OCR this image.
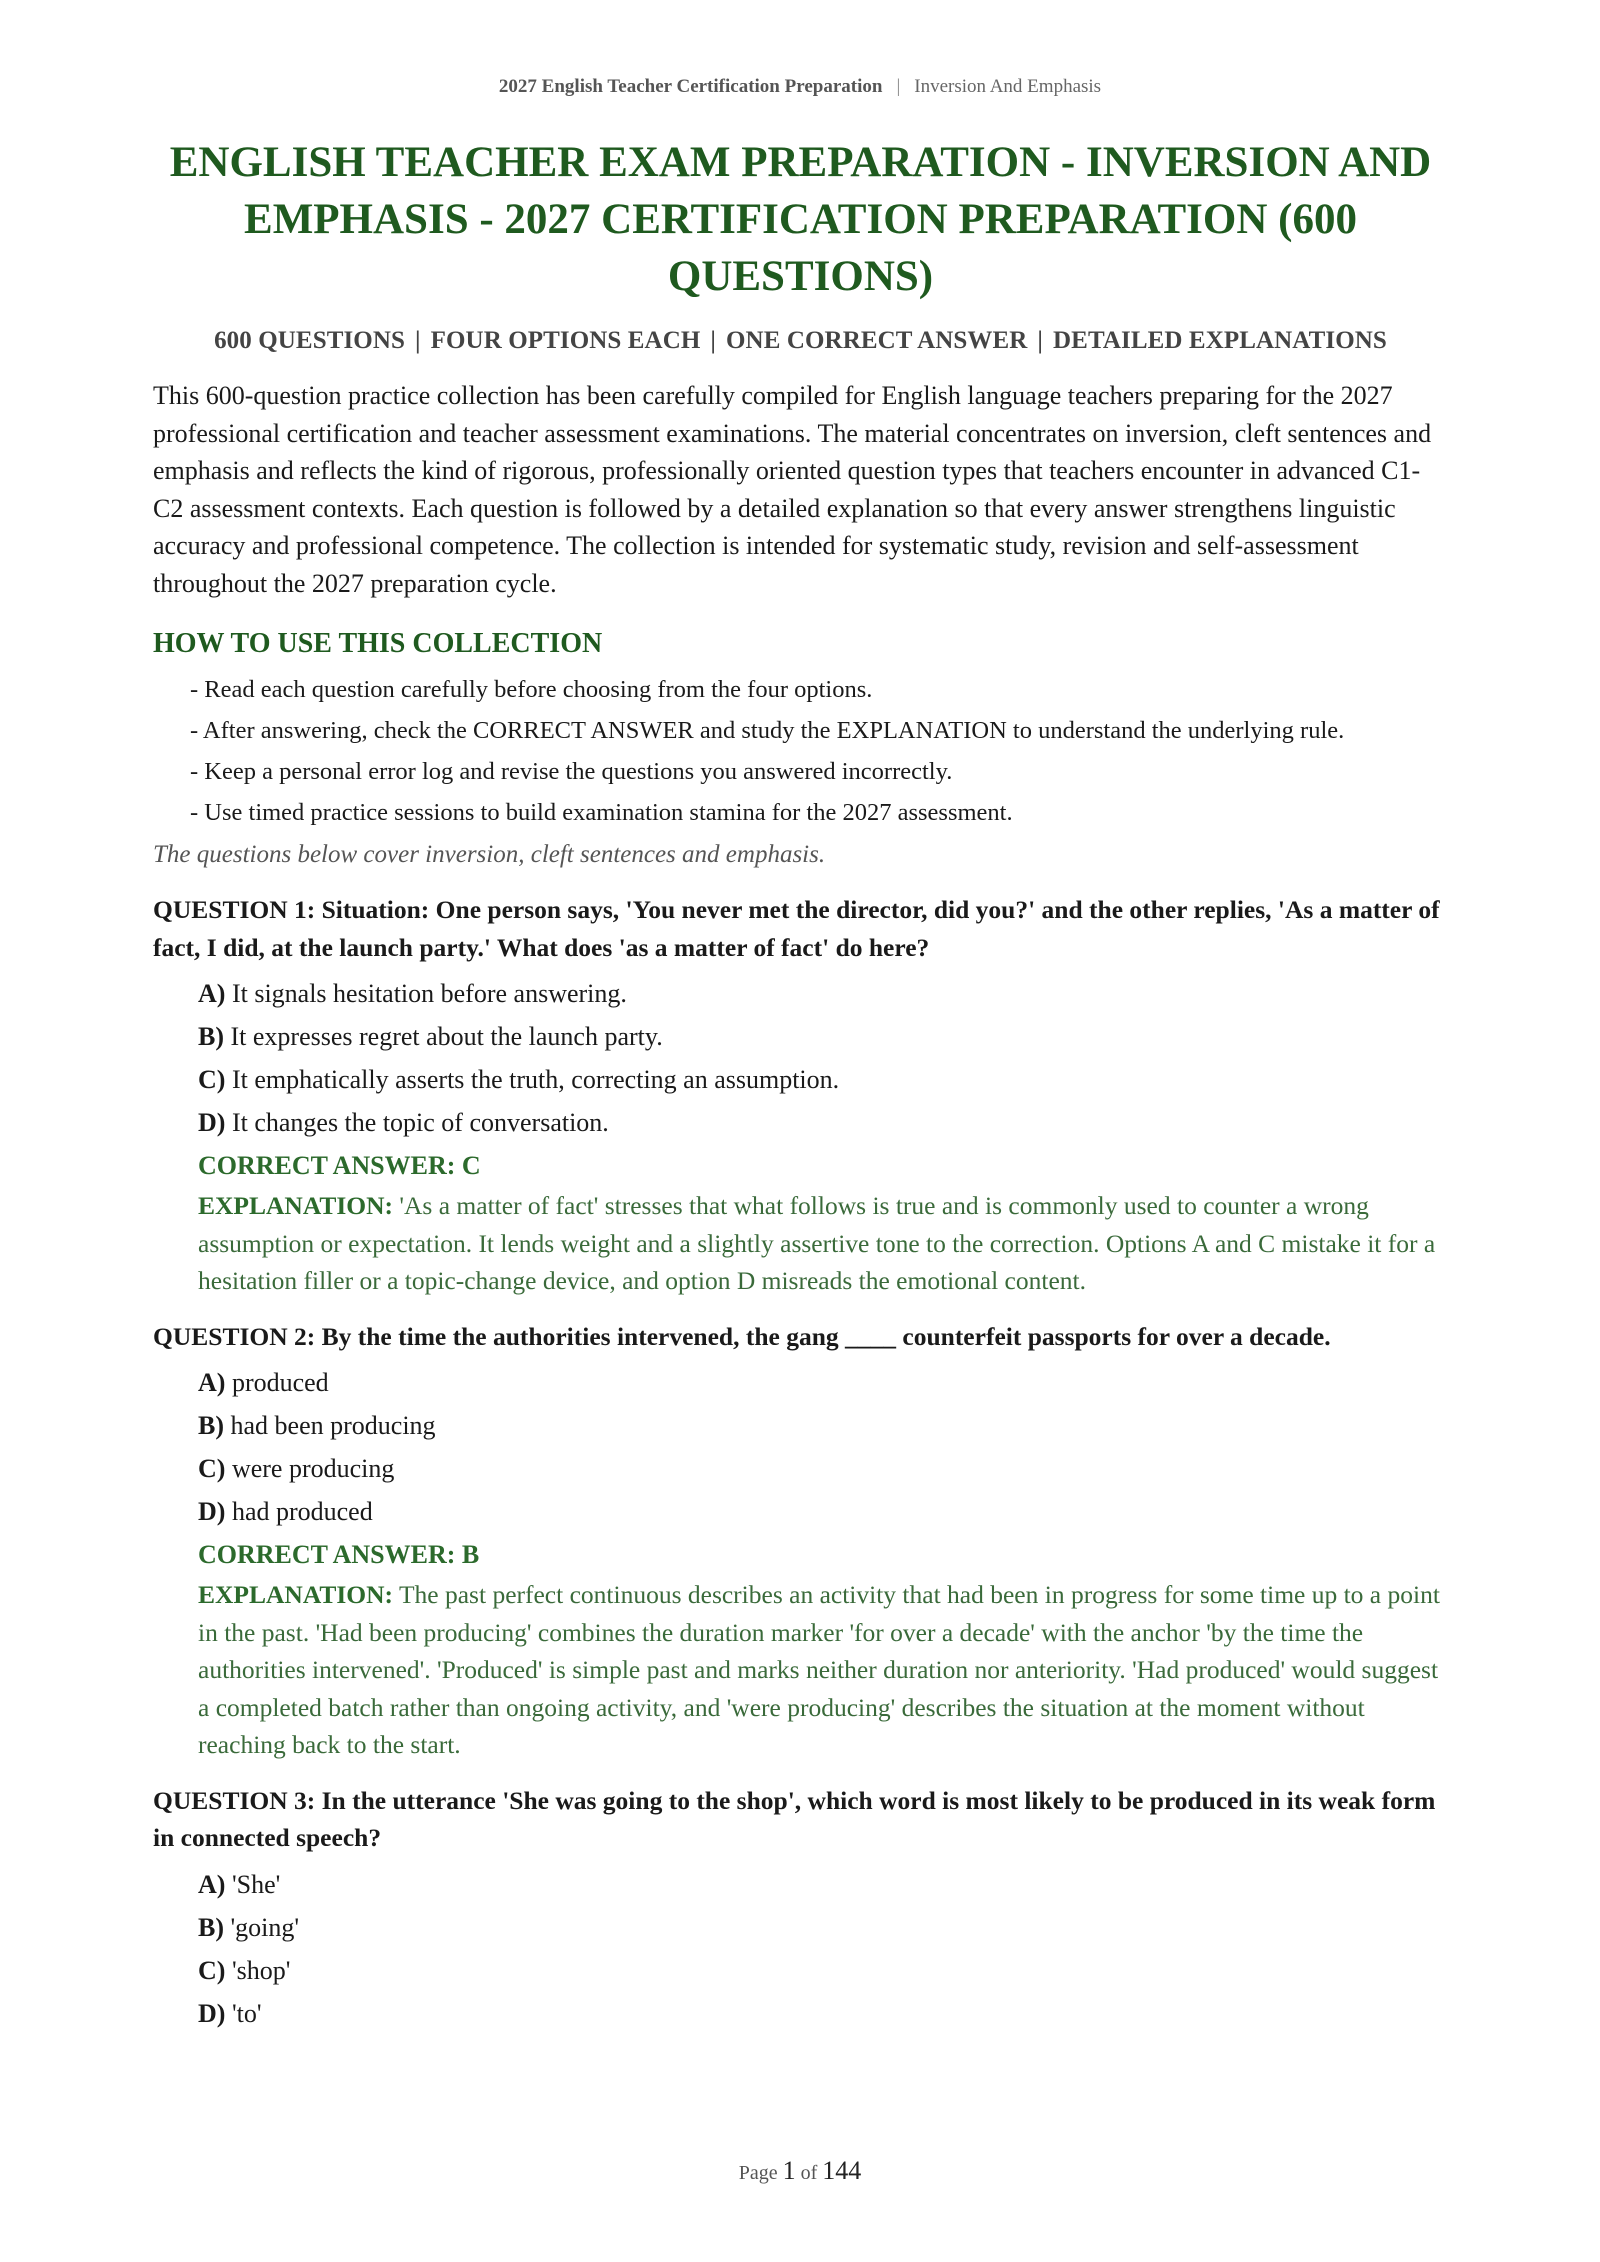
2027 English Teacher Certification Preparation | Inversion And Emphasis
ENGLISH TEACHER EXAM PREPARATION - INVERSION AND EMPHASIS - 2027 CERTIFICATION PREPARATION (600 QUESTIONS)
600 QUESTIONS | FOUR OPTIONS EACH | ONE CORRECT ANSWER | DETAILED EXPLANATIONS

This 600-question practice collection has been carefully compiled for English language teachers preparing for the 2027 professional certification and teacher assessment examinations. The material concentrates on inversion, cleft sentences and emphasis and reflects the kind of rigorous, professionally oriented question types that teachers encounter in advanced C1-C2 assessment contexts. Each question is followed by a detailed explanation so that every answer strengthens linguistic accuracy and professional competence. The collection is intended for systematic study, revision and self-assessment throughout the 2027 preparation cycle.

HOW TO USE THIS COLLECTION
- Read each question carefully before choosing from the four options.
- After answering, check the CORRECT ANSWER and study the EXPLANATION to understand the underlying rule.
- Keep a personal error log and revise the questions you answered incorrectly.
- Use timed practice sessions to build examination stamina for the 2027 assessment.
The questions below cover inversion, cleft sentences and emphasis.
QUESTION 1: Situation: One person says, 'You never met the director, did you?' and the other replies, 'As a matter of fact, I did, at the launch party.' What does 'as a matter of fact' do here?
A) It signals hesitation before answering.
B) It expresses regret about the launch party.
C) It emphatically asserts the truth, correcting an assumption.
D) It changes the topic of conversation.
CORRECT ANSWER: C
EXPLANATION: 'As a matter of fact' stresses that what follows is true and is commonly used to counter a wrong assumption or expectation. It lends weight and a slightly assertive tone to the correction. Options A and C mistake it for a hesitation filler or a topic-change device, and option D misreads the emotional content.
QUESTION 2: By the time the authorities intervened, the gang ____ counterfeit passports for over a decade.
A) produced
B) had been producing
C) were producing
D) had produced
CORRECT ANSWER: B
EXPLANATION: The past perfect continuous describes an activity that had been in progress for some time up to a point in the past. 'Had been producing' combines the duration marker 'for over a decade' with the anchor 'by the time the authorities intervened'. 'Produced' is simple past and marks neither duration nor anteriority. 'Had produced' would suggest a completed batch rather than ongoing activity, and 'were producing' describes the situation at the moment without reaching back to the start.
QUESTION 3: In the utterance 'She was going to the shop', which word is most likely to be produced in its weak form in connected speech?
A) 'She'
B) 'going'
C) 'shop'
D) 'to'
Page 1 of 144
